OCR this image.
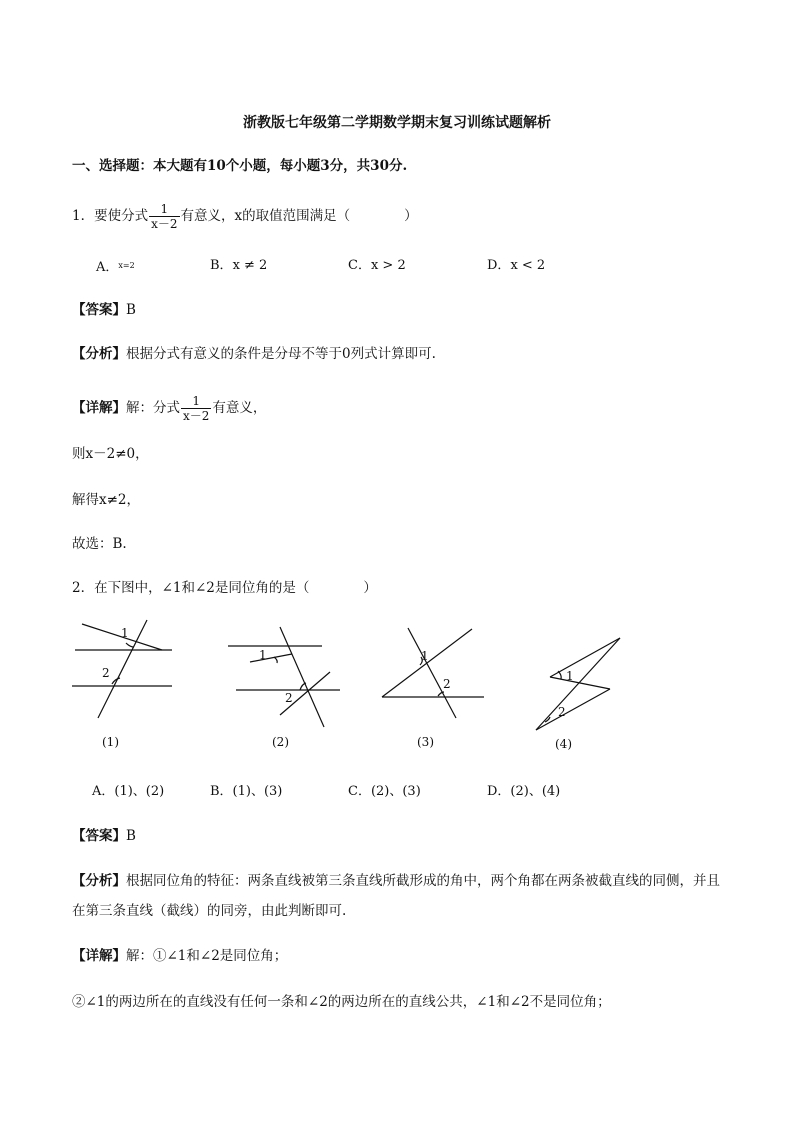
浙教版七年级第二学期数学期末复习训练试题解析
一、选择题：本大题有10个小题，每小题3分，共30分.
1．要使分式 $\frac{1}{x-2}$ 有意义，x的取值范围满足（　　　　）
A．$^{x=2}$	B．x ≠ 2	C．x > 2	D．x < 2
【答案】B
【分析】根据分式有意义的条件是分母不等于0列式计算即可.
【详解】解：分式 $\frac{1}{x-2}$ 有意义，
则x－2≠0，
解得x≠2，
故选：B.
2．在下图中，∠1和∠2是同位角的是（　　　　）
1
2
1
2
1
2
1
2
(1)	(2)	(3)	(4)
A．(1)、(2)	B．(1)、(3)	C．(2)、(3)	D．(2)、(4)
【答案】B
【分析】根据同位角的特征：两条直线被第三条直线所截形成的角中，两个角都在两条被截直线的同侧，并且在第三条直线（截线）的同旁，由此判断即可.
【详解】解：①∠1和∠2是同位角；
②∠1的两边所在的直线没有任何一条和∠2的两边所在的直线公共，∠1和∠2不是同位角；
